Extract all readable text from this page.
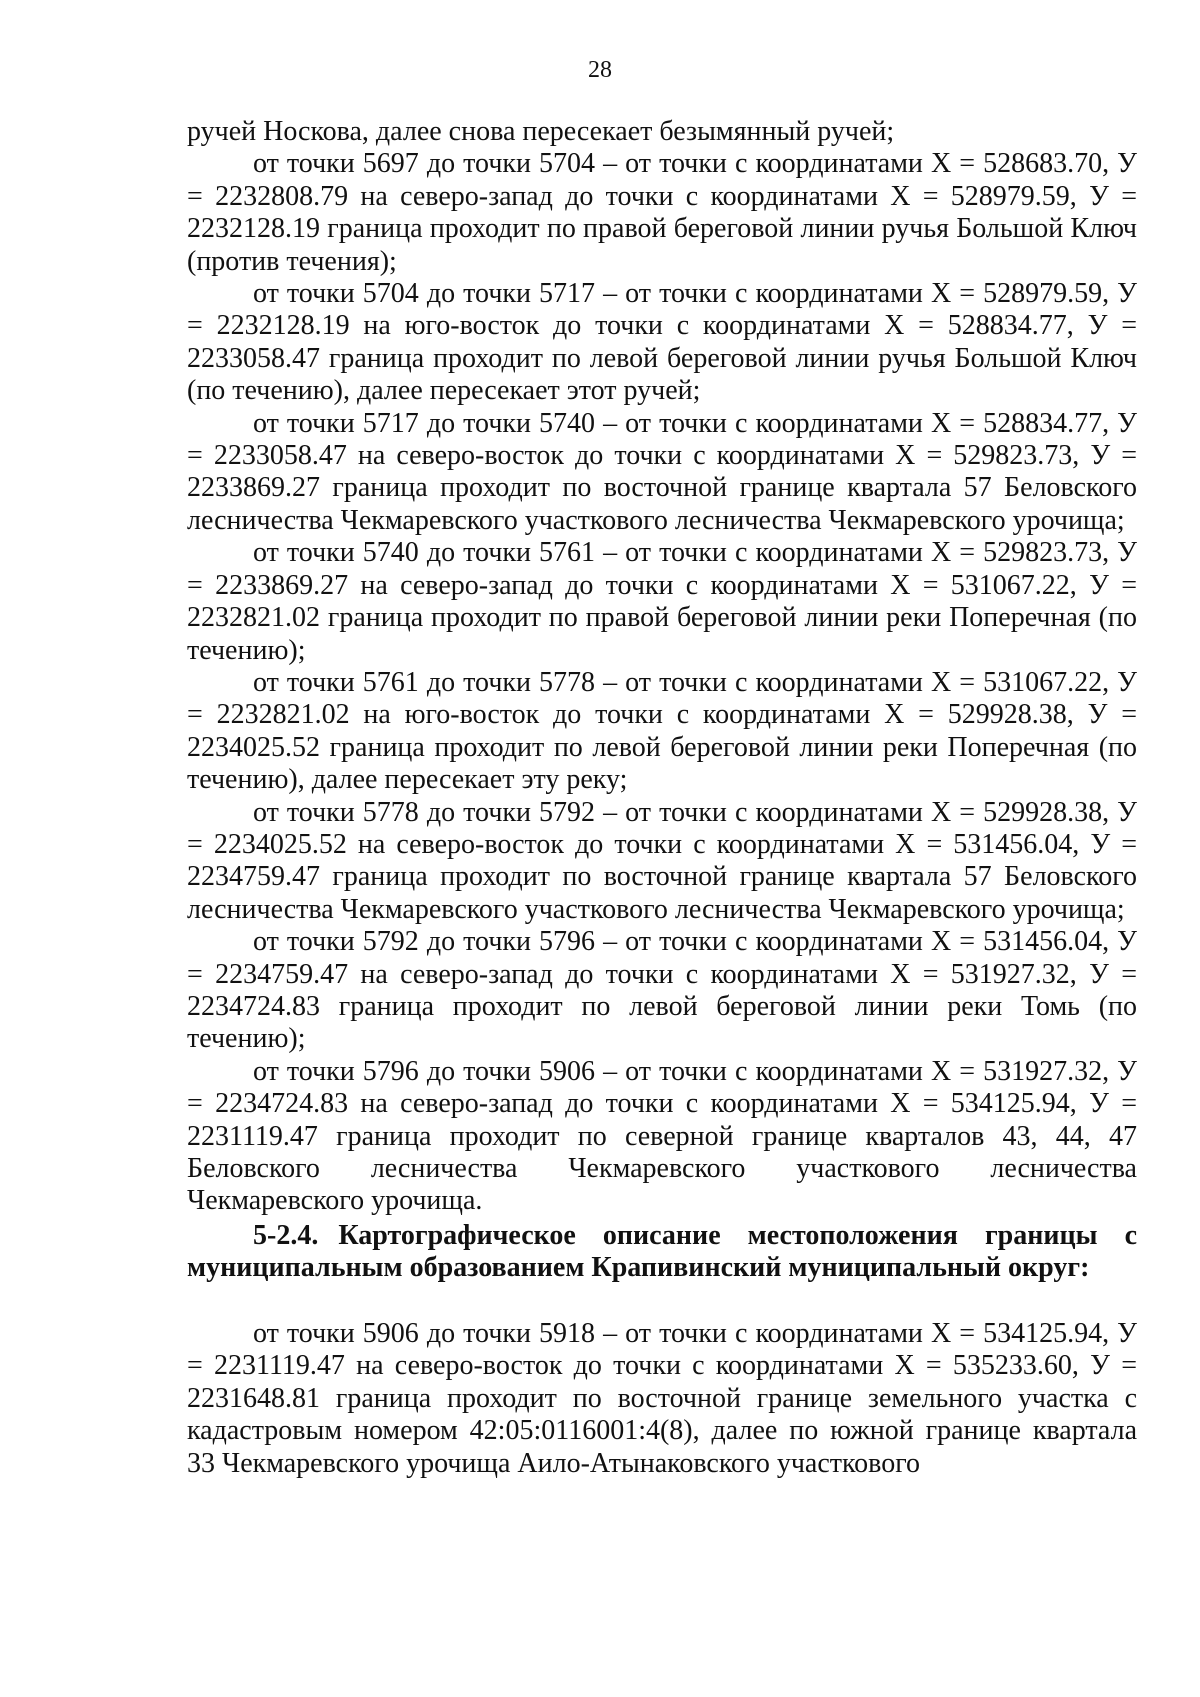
28

ручей Носкова, далее снова пересекает безымянный ручей;

от точки 5697 до точки 5704 – от точки с координатами Х = 528683.70, У = 2232808.79 на северо-запад до точки с координатами Х = 528979.59, У = 2232128.19 граница проходит по правой береговой линии ручья Большой Ключ (против течения);

от точки 5704 до точки 5717 – от точки с координатами Х = 528979.59, У = 2232128.19 на юго-восток до точки с координатами Х = 528834.77, У = 2233058.47 граница проходит по левой береговой линии ручья Большой Ключ (по течению), далее пересекает этот ручей;

от точки 5717 до точки 5740 – от точки с координатами Х = 528834.77, У = 2233058.47 на северо-восток до точки с координатами Х = 529823.73, У = 2233869.27 граница проходит по восточной границе квартала 57 Беловского лесничества Чекмаревского участкового лесничества Чекмаревского урочища;

от точки 5740 до точки 5761 – от точки с координатами Х = 529823.73, У = 2233869.27 на северо-запад до точки с координатами Х = 531067.22, У = 2232821.02 граница проходит по правой береговой линии реки Поперечная (по течению);

от точки 5761 до точки 5778 – от точки с координатами Х = 531067.22, У = 2232821.02 на юго-восток до точки с координатами Х = 529928.38, У = 2234025.52 граница проходит по левой береговой линии реки Поперечная (по течению), далее пересекает эту реку;

от точки 5778 до точки 5792 – от точки с координатами Х = 529928.38, У = 2234025.52 на северо-восток до точки с координатами Х = 531456.04, У = 2234759.47 граница проходит по восточной границе квартала 57 Беловского лесничества Чекмаревского участкового лесничества Чекмаревского урочища;

от точки 5792 до точки 5796 – от точки с координатами Х = 531456.04, У = 2234759.47 на северо-запад до точки с координатами Х = 531927.32, У = 2234724.83 граница проходит по левой береговой линии реки Томь (по течению);

от точки 5796 до точки 5906 – от точки с координатами Х = 531927.32, У = 2234724.83 на северо-запад до точки с координатами Х = 534125.94, У = 2231119.47 граница проходит по северной границе кварталов 43, 44, 47 Беловского лесничества Чекмаревского участкового лесничества Чекмаревского урочища.

5-2.4. Картографическое описание местоположения границы с муниципальным образованием Крапивинский муниципальный округ:

от точки 5906 до точки 5918 – от точки с координатами Х = 534125.94, У = 2231119.47 на северо-восток до точки с координатами Х = 535233.60, У = 2231648.81 граница проходит по восточной границе земельного участка с кадастровым номером 42:05:0116001:4(8), далее по южной границе квартала 33 Чекмаревского урочища Аило-Атынаковского участкового
